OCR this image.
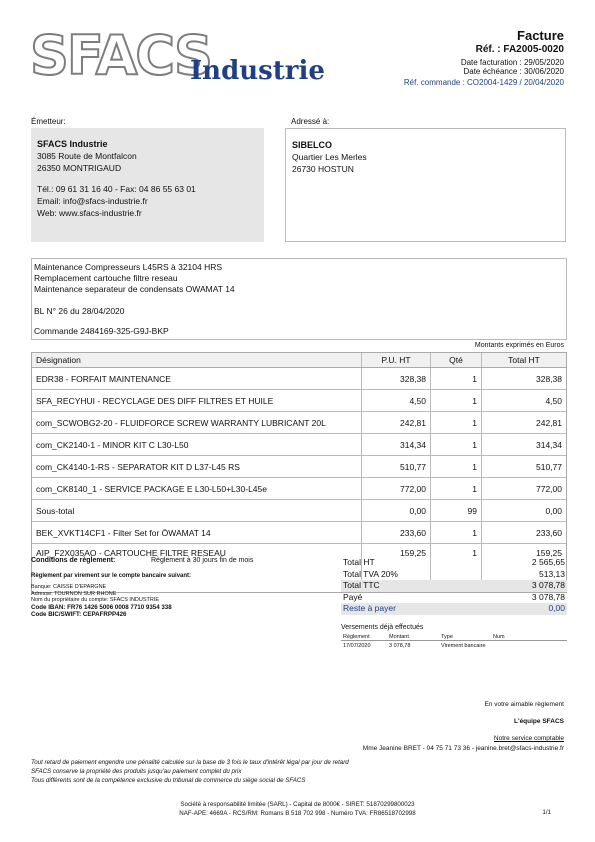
SFACS
Industrie
Facture
Réf. : FA2005-0020
Date facturation : 29/05/2020
Date échéance : 30/06/2020
Réf. commande : CO2004-1429 / 20/04/2020
Émetteur:
SFACS Industrie
3085 Route de Montfalcon
26350 MONTRIGAUD
Tél.: 09 61 31 16 40 - Fax: 04 86 55 63 01
Email: info@sfacs-industrie.fr
Web: www.sfacs-industrie.fr
Adressé à:
SIBELCO
Quartier Les Merles
26730 HOSTUN
Maintenance Compresseurs L45RS à 32104 HRS
Remplacement cartouche filtre reseau
Maintenance separateur de condensats OWAMAT 14
BL N° 26 du 28/04/2020
Commande 2484169-325-G9J-BKP
Montants exprimés en Euros
Désignation	P.U. HT	Qté	Total HT
EDR38 - FORFAIT MAINTENANCE	328,38	1	328,38
SFA_RECYHUI - RECYCLAGE DES DIFF FILTRES ET HUILE	4,50	1	4,50
com_SCWOBG2-20 - FLUIDFORCE SCREW WARRANTY LUBRICANT 20L	242,81	1	242,81
com_CK2140-1 - MINOR KIT C L30-L50	314,34	1	314,34
com_CK4140-1-RS - SEPARATOR KIT D L37-L45 RS	510,77	1	510,77
com_CK8140_1 - SERVICE PACKAGE E L30-L50+L30-L45e	772,00	1	772,00
Sous-total	0,00	99	0,00
BEK_XVKT14CF1 - Filter Set for ÖWAMAT 14	233,60	1	233,60
AIP_F2X035AO - CARTOUCHE FILTRE RESEAU	159,25	1	159,25
Conditions de règlement:	Règlement à 30 jours fin de mois
Règlement par virement sur le compte bancaire suivant:
Banque: CAISSE D'EPARGNE
Adresse: TOURNON SUR RHONE
Nom du propriétaire du compte: SFACS INDUSTRIE
Code IBAN: FR76 1426 5006 0008 7710 9354 338
Code BIC/SWIFT: CEPAFRPP426
Total HT	2 565,65
Total TVA 20%	513,13
Total TTC	3 078,78
Payé	3 078,78
Reste à payer	0,00
Versements déjà effectués
Règlement	Montant	Type	Num
17/07/2020	3 078,78	Virement bancaire
En votre aimable règlement
L'équipe SFACS
Notre service comptable
Mme Jeanine BRET - 04 75 71 73 36 - jeanine.bret@sfacs-industrie.fr
Tout retard de paiement engendre une pénalité calculée sur la base de 3 fois le taux d'intérêt légal par jour de retard
SFACS conserve la propriété des produits jusqu'au paiement complet du prix
Tous différents sont de la compétence exclusive du tribunal de commerce du siège social de SFACS
Société à responsabilité limitée (SARL) - Capital de 8000€ - SIRET: 51870299800023
NAF-APE: 4669A - RCS/RM: Romans B 518 702 998 - Numéro TVA: FR86518702998	1/1
